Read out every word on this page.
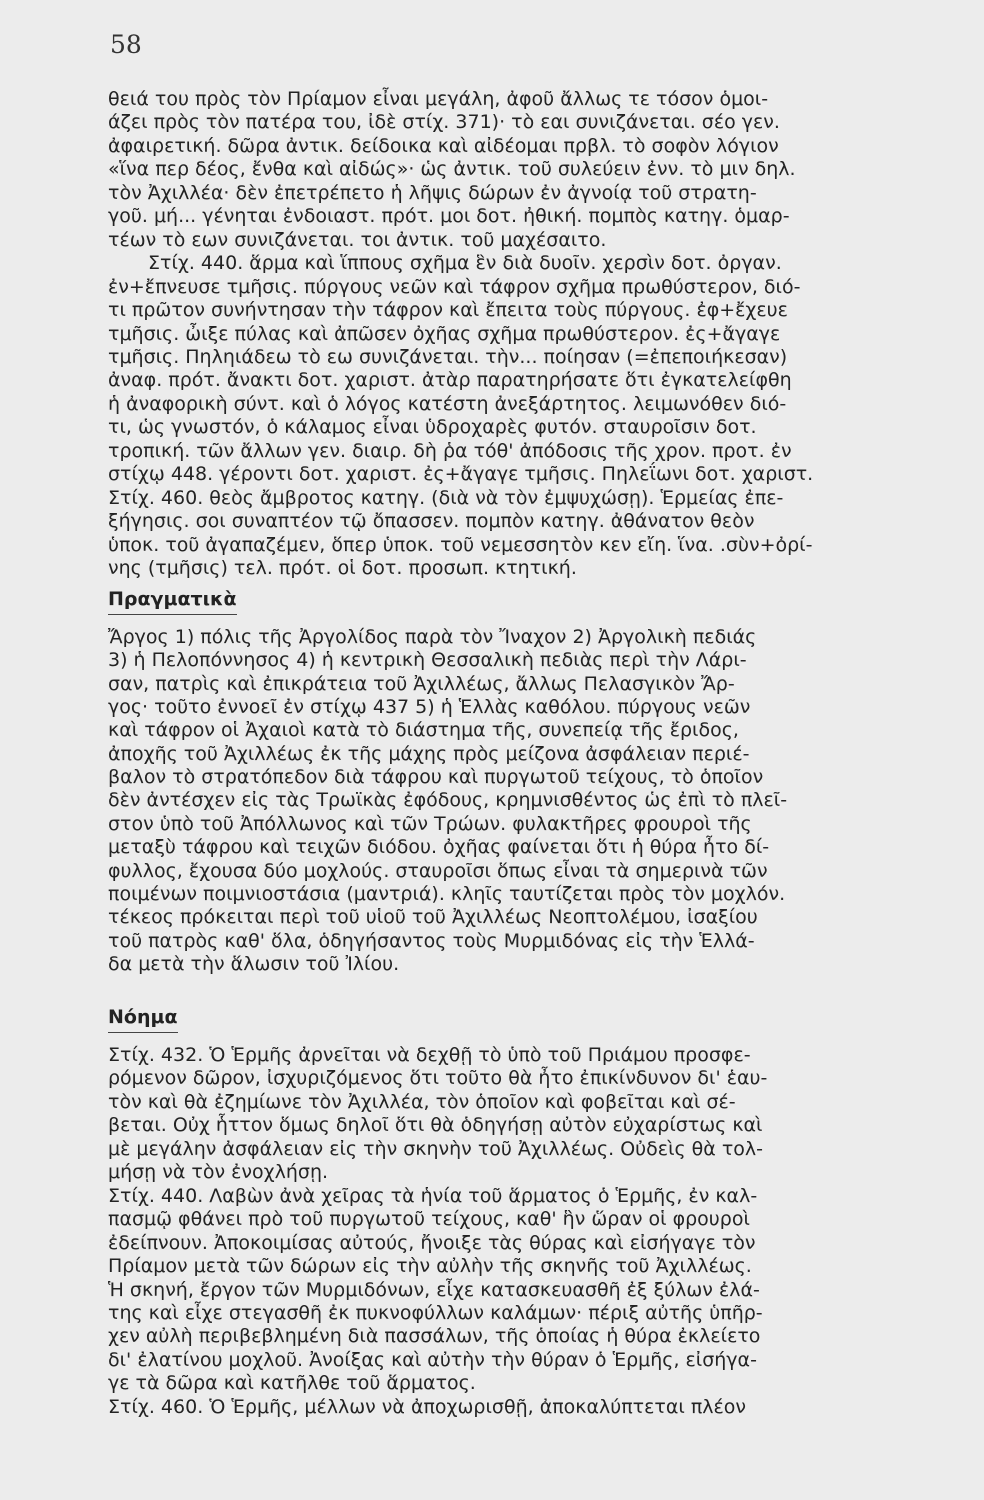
58
θειά του πρὸς τὸν Πρίαμον εἶναι μεγάλη, ἀφοῦ ἄλλως τε τόσον ὁμοι-
άζει πρὸς τὸν πατέρα του, ἰδὲ στίχ. 371)· τὸ εαι συνιζάνεται. σέο γεν.
ἀφαιρετική. δῶρα ἀντικ. δείδοικα καὶ αἰδέομαι πρβλ. τὸ σοφὸν λόγιον
«ἵνα περ δέος, ἔνθα καὶ αἰδώς»· ὡς ἀντικ. τοῦ συλεύειν ἐνν. τὸ μιν δηλ.
τὸν Ἀχιλλέα· δὲν ἐπετρέπετο ἡ λῆψις δώρων ἐν ἀγνοίᾳ τοῦ στρατη-
γοῦ. μή... γένηται ἐνδοιαστ. πρότ. μοι δοτ. ἠθική. πομπὸς κατηγ. ὁμαρ-
τέων τὸ εων συνιζάνεται. τοι ἀντικ. τοῦ μαχέσαιτο.
Στίχ. 440. ἅρμα καὶ ἵππους σχῆμα ἓν διὰ δυοῖν. χερσὶν δοτ. ὀργαν.
ἐν+ἔπνευσε τμῆσις. πύργους νεῶν καὶ τάφρον σχῆμα πρωθύστερον, διό-
τι πρῶτον συνήντησαν τὴν τάφρον καὶ ἔπειτα τοὺς πύργους. ἐφ+ἔχευε
τμῆσις. ὦιξε πύλας καὶ ἀπῶσεν ὀχῆας σχῆμα πρωθύστερον. ἐς+ἄγαγε
τμῆσις. Πηληιάδεω τὸ εω συνιζάνεται. τὴν... ποίησαν (=ἐπεποιήκεσαν)
ἀναφ. πρότ. ἄνακτι δοτ. χαριστ. ἀτὰρ παρατηρήσατε ὅτι ἐγκατελείφθη
ἡ ἀναφορικὴ σύντ. καὶ ὁ λόγος κατέστη ἀνεξάρτητος. λειμωνόθεν διό-
τι, ὡς γνωστόν, ὁ κάλαμος εἶναι ὑδροχαρὲς φυτόν. σταυροῖσιν δοτ.
τροπική. τῶν ἄλλων γεν. διαιρ. δὴ ῥα τόθ' ἀπόδοσις τῆς χρον. προτ. ἐν
στίχῳ 448. γέροντι δοτ. χαριστ. ἐς+ἄγαγε τμῆσις. Πηλεΐωνι δοτ. χαριστ.
Στίχ. 460. θεὸς ἄμβροτος κατηγ. (διὰ νὰ τὸν ἐμψυχώσῃ). Ἑρμείας ἐπε-
ξήγησις. σοι συναπτέον τῷ ὄπασσεν. πομπὸν κατηγ. ἀθάνατον θεὸν
ὑποκ. τοῦ ἀγαπαζέμεν, ὅπερ ὑποκ. τοῦ νεμεσσητὸν κεν εἴη. ἵνα. .σὺν+ὀρί-
νης (τμῆσις) τελ. πρότ. οἱ δοτ. προσωπ. κτητική.
Πραγματικὰ
Ἄργος 1) πόλις τῆς Ἀργολίδος παρὰ τὸν Ἴναχον 2) Ἀργολικὴ πεδιάς
3) ἡ Πελοπόννησος 4) ἡ κεντρικὴ Θεσσαλικὴ πεδιὰς περὶ τὴν Λάρι-
σαν, πατρὶς καὶ ἐπικράτεια τοῦ Ἀχιλλέως, ἄλλως Πελασγικὸν Ἄρ-
γος· τοῦτο ἐννοεῖ ἐν στίχῳ 437 5) ἡ Ἑλλὰς καθόλου. πύργους νεῶν
καὶ τάφρον οἱ Ἀχαιοὶ κατὰ τὸ διάστημα τῆς, συνεπείᾳ τῆς ἔριδος,
ἀποχῆς τοῦ Ἀχιλλέως ἐκ τῆς μάχης πρὸς μείζονα ἀσφάλειαν περιέ-
βαλον τὸ στρατόπεδον διὰ τάφρου καὶ πυργωτοῦ τείχους, τὸ ὁποῖον
δὲν ἀντέσχεν εἰς τὰς Τρωϊκὰς ἐφόδους, κρημνισθέντος ὡς ἐπὶ τὸ πλεῖ-
στον ὑπὸ τοῦ Ἀπόλλωνος καὶ τῶν Τρώων. φυλακτῆρες φρουροὶ τῆς
μεταξὺ τάφρου καὶ τειχῶν διόδου. ὀχῆας φαίνεται ὅτι ἡ θύρα ἦτο δί-
φυλλος, ἔχουσα δύο μοχλούς. σταυροῖσι ὅπως εἶναι τὰ σημερινὰ τῶν
ποιμένων ποιμνιοστάσια (μαντριά). κληῖς ταυτίζεται πρὸς τὸν μοχλόν.
τέκεος πρόκειται περὶ τοῦ υἱοῦ τοῦ Ἀχιλλέως Νεοπτολέμου, ἰσαξίου
τοῦ πατρὸς καθ' ὅλα, ὁδηγήσαντος τοὺς Μυρμιδόνας εἰς τὴν Ἑλλά-
δα μετὰ τὴν ἅλωσιν τοῦ Ἰλίου.
Νόημα
Στίχ. 432. Ὁ Ἑρμῆς ἀρνεῖται νὰ δεχθῇ τὸ ὑπὸ τοῦ Πριάμου προσφε-
ρόμενον δῶρον, ἰσχυριζόμενος ὅτι τοῦτο θὰ ἦτο ἐπικίνδυνον δι' ἑαυ-
τὸν καὶ θὰ ἐζημίωνε τὸν Ἀχιλλέα, τὸν ὁποῖον καὶ φοβεῖται καὶ σέ-
βεται. Οὐχ ἧττον ὅμως δηλοῖ ὅτι θὰ ὁδηγήσῃ αὐτὸν εὐχαρίστως καὶ
μὲ μεγάλην ἀσφάλειαν εἰς τὴν σκηνὴν τοῦ Ἀχιλλέως. Οὐδεὶς θὰ τολ-
μήσῃ νὰ τὸν ἐνοχλήσῃ.
Στίχ. 440. Λαβὼν ἀνὰ χεῖρας τὰ ἡνία τοῦ ἅρματος ὁ Ἑρμῆς, ἐν καλ-
πασμῷ φθάνει πρὸ τοῦ πυργωτοῦ τείχους, καθ' ἣν ὥραν οἱ φρουροὶ
ἐδείπνουν. Ἀποκοιμίσας αὐτούς, ἤνοιξε τὰς θύρας καὶ εἰσήγαγε τὸν
Πρίαμον μετὰ τῶν δώρων εἰς τὴν αὐλὴν τῆς σκηνῆς τοῦ Ἀχιλλέως.
Ἡ σκηνή, ἔργον τῶν Μυρμιδόνων, εἶχε κατασκευασθῆ ἐξ ξύλων ἐλά-
της καὶ εἶχε στεγασθῆ ἐκ πυκνοφύλλων καλάμων· πέριξ αὐτῆς ὑπῆρ-
χεν αὐλὴ περιβεβλημένη διὰ πασσάλων, τῆς ὁποίας ἡ θύρα ἐκλείετο
δι' ἐλατίνου μοχλοῦ. Ἀνοίξας καὶ αὐτὴν τὴν θύραν ὁ Ἑρμῆς, εἰσήγα-
γε τὰ δῶρα καὶ κατῆλθε τοῦ ἅρματος.
Στίχ. 460. Ὁ Ἑρμῆς, μέλλων νὰ ἀποχωρισθῇ, ἀποκαλύπτεται πλέον
